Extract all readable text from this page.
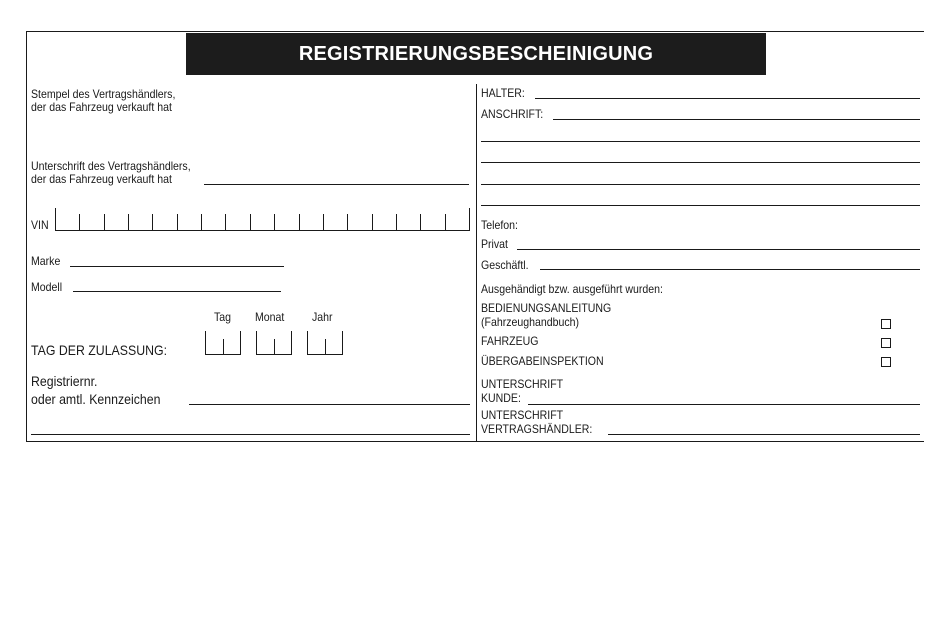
REGISTRIERUNGSBESCHEINIGUNG
Stempel des Vertragshändlers,
der das Fahrzeug verkauft hat
Unterschrift des Vertragshändlers,
der das Fahrzeug verkauft hat
VIN
Marke
Modell
Tag Monat Jahr
TAG DER ZULASSUNG:
Registriernr.
oder amtl. Kennzeichen
HALTER:
ANSCHRIFT:
Telefon:
Privat
Geschäftl.
Ausgehändigt bzw. ausgeführt wurden:
BEDIENUNGSANLEITUNG
(Fahrzeughandbuch)
FAHRZEUG
ÜBERGABEINSPEKTION
UNTERSCHRIFT
KUNDE:
UNTERSCHRIFT
VERTRAGSHÄNDLER:
